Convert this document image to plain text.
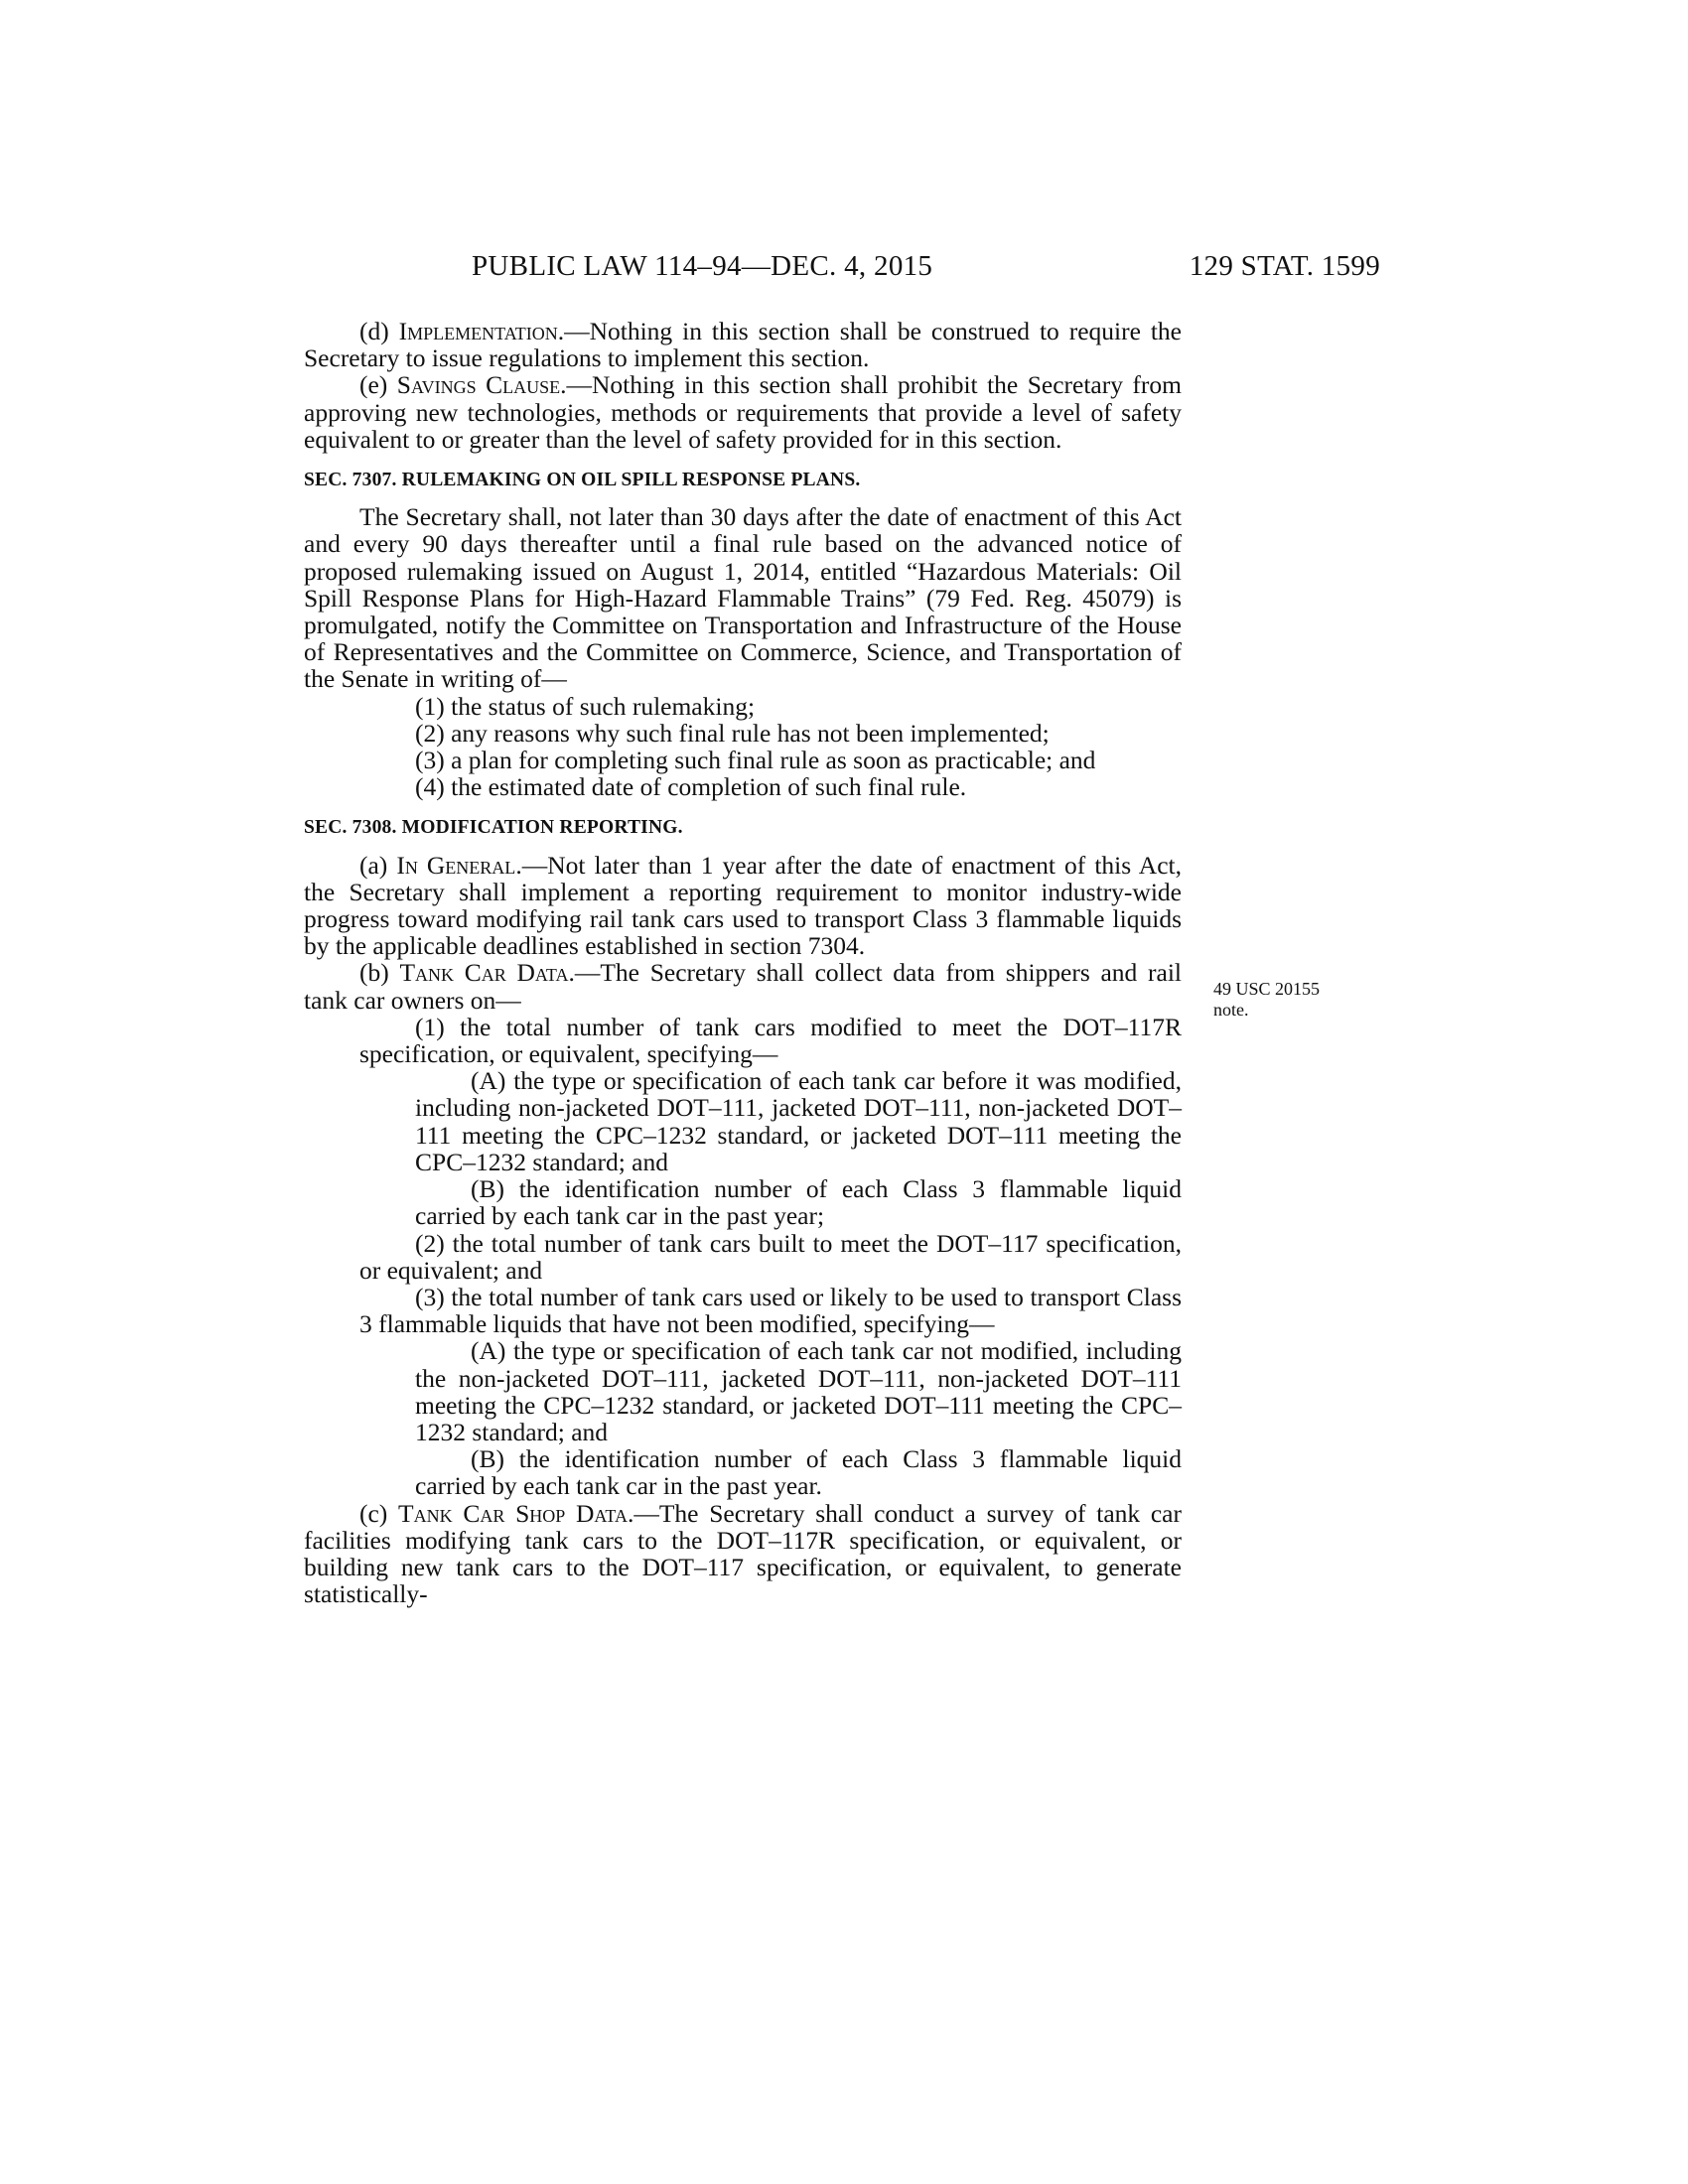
PUBLIC LAW 114–94—DEC. 4, 2015	129 STAT. 1599
49 USC 20155
note.

(d) Implementation.—Nothing in this section shall be construed to require the Secretary to issue regulations to implement this section.

(e) Savings Clause.—Nothing in this section shall prohibit the Secretary from approving new technologies, methods or requirements that provide a level of safety equivalent to or greater than the level of safety provided for in this section.

SEC. 7307. RULEMAKING ON OIL SPILL RESPONSE PLANS.

The Secretary shall, not later than 30 days after the date of enactment of this Act and every 90 days thereafter until a final rule based on the advanced notice of proposed rulemaking issued on August 1, 2014, entitled “Hazardous Materials: Oil Spill Response Plans for High-Hazard Flammable Trains” (79 Fed. Reg. 45079) is promulgated, notify the Committee on Transportation and Infrastructure of the House of Representatives and the Committee on Commerce, Science, and Transportation of the Senate in writing of—

(1) the status of such rulemaking;

(2) any reasons why such final rule has not been implemented;

(3) a plan for completing such final rule as soon as practicable; and

(4) the estimated date of completion of such final rule.

SEC. 7308. MODIFICATION REPORTING.

(a) In General.—Not later than 1 year after the date of enactment of this Act, the Secretary shall implement a reporting requirement to monitor industry-wide progress toward modifying rail tank cars used to transport Class 3 flammable liquids by the applicable deadlines established in section 7304.

(b) Tank Car Data.—The Secretary shall collect data from shippers and rail tank car owners on—

(1) the total number of tank cars modified to meet the DOT–117R specification, or equivalent, specifying—

(A) the type or specification of each tank car before it was modified, including non-jacketed DOT–111, jacketed DOT–111, non-jacketed DOT–111 meeting the CPC–1232 standard, or jacketed DOT–111 meeting the CPC–1232 standard; and

(B) the identification number of each Class 3 flammable liquid carried by each tank car in the past year;

(2) the total number of tank cars built to meet the DOT–117 specification, or equivalent; and

(3) the total number of tank cars used or likely to be used to transport Class 3 flammable liquids that have not been modified, specifying—

(A) the type or specification of each tank car not modified, including the non-jacketed DOT–111, jacketed DOT–111, non-jacketed DOT–111 meeting the CPC–1232 standard, or jacketed DOT–111 meeting the CPC–1232 standard; and

(B) the identification number of each Class 3 flammable liquid carried by each tank car in the past year.

(c) Tank Car Shop Data.—The Secretary shall conduct a survey of tank car facilities modifying tank cars to the DOT–117R specification, or equivalent, or building new tank cars to the DOT–117 specification, or equivalent, to generate statistically-
